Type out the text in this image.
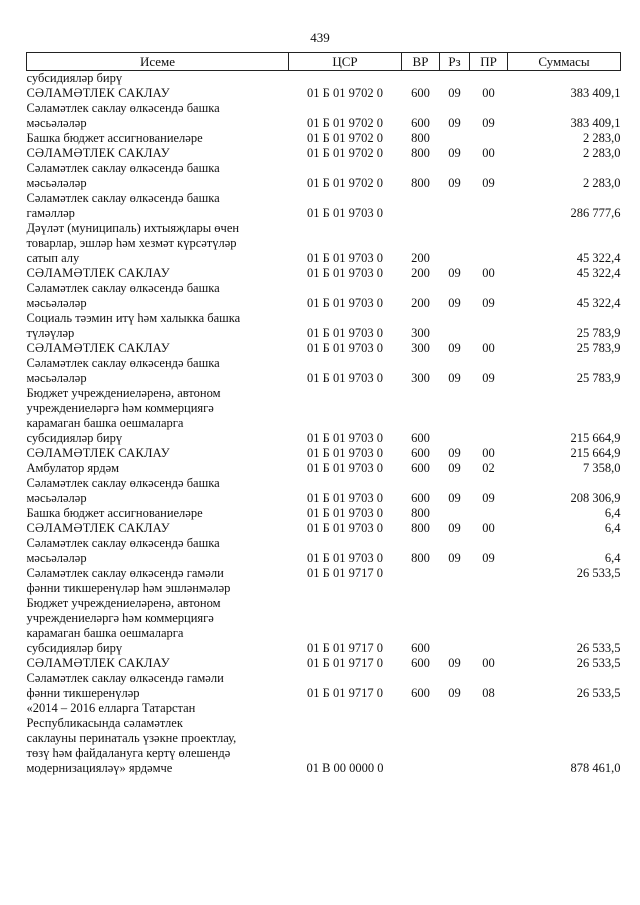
439
Исеме	ЦСР	ВР	Рз	ПР	Суммасы

субсидияләр бирү					

СӘЛАМӘТЛЕК САКЛАУ	01 Б 01 9702 0	600	09	00	383 409,1

Сәламәтлек саклау өлкәсендә башка
мәсьәләләр	01 Б 01 9702 0	600	09	09	383 409,1

Башка бюджет ассигнованиеләре	01 Б 01 9702 0	800			2 283,0

СӘЛАМӘТЛЕК САКЛАУ	01 Б 01 9702 0	800	09	00	2 283,0

Сәламәтлек саклау өлкәсендә башка
мәсьәләләр	01 Б 01 9702 0	800	09	09	2 283,0

Сәламәтлек саклау өлкәсендә башка
гамәлләр	01 Б 01 9703 0				286 777,6

Дәүләт (муниципаль) ихтыяҗлары өчен
товарлар, эшләр һәм хезмәт күрсәтүләр
сатып алу	01 Б 01 9703 0	200			45 322,4

СӘЛАМӘТЛЕК САКЛАУ	01 Б 01 9703 0	200	09	00	45 322,4

Сәламәтлек саклау өлкәсендә башка
мәсьәләләр	01 Б 01 9703 0	200	09	09	45 322,4

Социаль тәэмин итү һәм халыкка башка
түләүләр	01 Б 01 9703 0	300			25 783,9

СӘЛАМӘТЛЕК САКЛАУ	01 Б 01 9703 0	300	09	00	25 783,9

Сәламәтлек саклау өлкәсендә башка
мәсьәләләр	01 Б 01 9703 0	300	09	09	25 783,9

Бюджет учреждениеләренә, автоном
учреждениеләргә һәм коммерциягә
карамаган башка оешмаларга
субсидияләр бирү	01 Б 01 9703 0	600			215 664,9

СӘЛАМӘТЛЕК САКЛАУ	01 Б 01 9703 0	600	09	00	215 664,9

Амбулатор ярдәм	01 Б 01 9703 0	600	09	02	7 358,0

Сәламәтлек саклау өлкәсендә башка
мәсьәләләр	01 Б 01 9703 0	600	09	09	208 306,9

Башка бюджет ассигнованиеләре	01 Б 01 9703 0	800			6,4

СӘЛАМӘТЛЕК САКЛАУ	01 Б 01 9703 0	800	09	00	6,4

Сәламәтлек саклау өлкәсендә башка
мәсьәләләр	01 Б 01 9703 0	800	09	09	6,4

Сәламәтлек саклау өлкәсендә гамәли
фәнни тикшеренүләр һәм эшләнмәләр	01 Б 01 9717 0				26 533,5

Бюджет учреждениеләренә, автоном
учреждениеләргә һәм коммерциягә
карамаган башка оешмаларга
субсидияләр бирү	01 Б 01 9717 0	600			26 533,5

СӘЛАМӘТЛЕК САКЛАУ	01 Б 01 9717 0	600	09	00	26 533,5

Сәламәтлек саклау өлкәсендә гамәли
фәнни тикшеренүләр	01 Б 01 9717 0	600	09	08	26 533,5

«2014 – 2016 елларга Татарстан
Республикасында сәламәтлек
саклауны перинаталь үзәкне проектлау,
төзү һәм файдалануга кертү өлешендә
модернизацияләү» ярдәмче	01 В 00 0000 0				878 461,0
